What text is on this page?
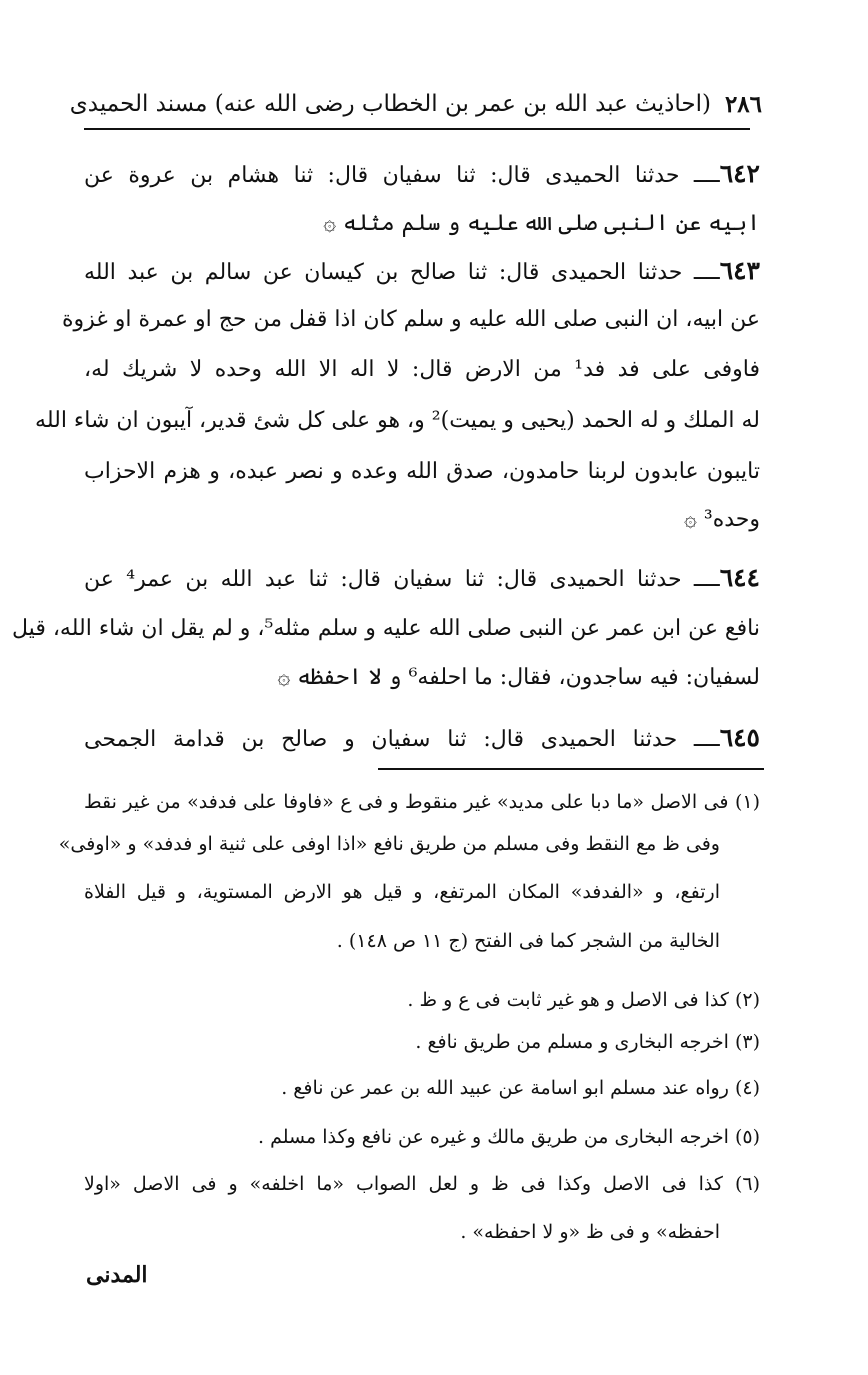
٢٨٦
(احاذيث عبد الله بن عمر بن الخطاب رضى الله عنه) مسند الحميدى
٦٤٢ــــ حدثنا الحميدى قال: ثنا سفيان قال: ثنا هشام بن عروة عن
ابيه عن النبى صلى الله عليه و سلم مثله ۞
٦٤٣ــــ حدثنا الحميدى قال: ثنا صالح بن كيسان عن سالم بن عبد الله
عن ابيه، ان النبى صلى الله عليه و سلم كان اذا قفل من حج او عمرة او غزوة
فاوفى على فد فد¹ من الارض قال: لا اله الا الله وحده لا شريك له،
له الملك و له الحمد (يحيى و يميت)² و، هو على كل شئ قدير، آيبون ان شاء الله
تايبون عابدون لربنا حامدون، صدق الله وعده و نصر عبده، و هزم الاحزاب
وحده³ ۞
٦٤٤ــــ حدثنا الحميدى قال: ثنا سفيان قال: ثنا عبد الله بن عمر⁴ عن
نافع عن ابن عمر عن النبى صلى الله عليه و سلم مثله⁵، و لم يقل ان شاء الله، قيل
لسفيان: فيه ساجدون، فقال: ما احلفه⁶ و لا احفظه ۞
٦٤٥ــــ حدثنا الحميدى قال: ثنا سفيان و صالح بن قدامة الجمحى
(١) فى الاصل «ما دبا على مديد» غير منقوط و فى ع «فاوفا على فدفد» من غير نقط
وفى ظ مع النقط وفى مسلم من طريق نافع «اذا اوفى على ثنية او فدفد» و «اوفى»
ارتفع، و «الفدفد» المكان المرتفع، و قيل هو الارض المستوية، و قيل الفلاة
الخالية من الشجر كما فى الفتح (ج ١١ ص ١٤٨) .
(٢) كذا فى الاصل و هو غير ثابت فى ع و ظ .
(٣) اخرجه البخارى و مسلم من طريق نافع .
(٤) رواه عند مسلم ابو اسامة عن عبيد الله بن عمر عن نافع .
(٥) اخرجه البخارى من طريق مالك و غيره عن نافع وكذا مسلم .
(٦) كذا فى الاصل وكذا فى ظ و لعل الصواب «ما اخلفه» و فى الاصل «اولا
احفظه» و فى ظ «و لا احفظه» .
المدنى
